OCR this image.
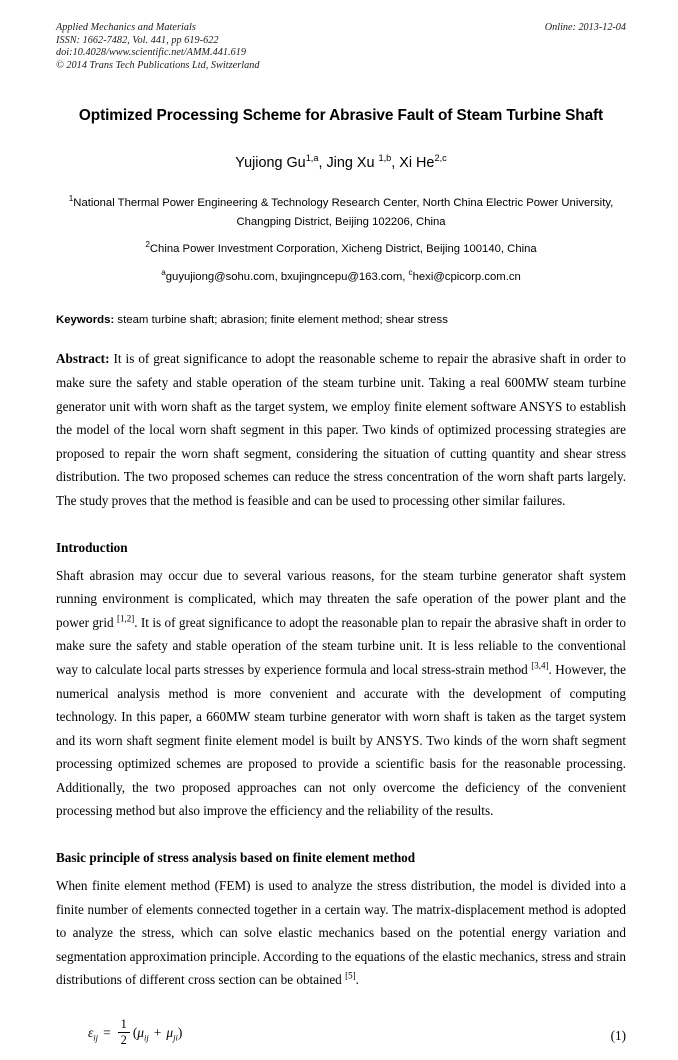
Applied Mechanics and Materials
ISSN: 1662-7482, Vol. 441, pp 619-622
doi:10.4028/www.scientific.net/AMM.441.619
© 2014 Trans Tech Publications Ltd, Switzerland
Online: 2013-12-04
Optimized Processing Scheme for Abrasive Fault of Steam Turbine Shaft
Yujiong Gu$^{1,a}$, Jing Xu $^{1,b}$, Xi He$^{2,c}$
$^1$National Thermal Power Engineering & Technology Research Center, North China Electric Power University, Changping District, Beijing 102206, China
$^2$China Power Investment Corporation, Xicheng District, Beijing 100140, China
$^a$guyujiong@sohu.com, bxujingncepu@163.com, $^c$hexi@cpicorp.com.cn
Keywords: steam turbine shaft; abrasion; finite element method; shear stress
Abstract: It is of great significance to adopt the reasonable scheme to repair the abrasive shaft in order to make sure the safety and stable operation of the steam turbine unit. Taking a real 600MW steam turbine generator unit with worn shaft as the target system, we employ finite element software ANSYS to establish the model of the local worn shaft segment in this paper. Two kinds of optimized processing strategies are proposed to repair the worn shaft segment, considering the situation of cutting quantity and shear stress distribution. The two proposed schemes can reduce the stress concentration of the worn shaft parts largely. The study proves that the method is feasible and can be used to processing other similar failures.
Introduction

Shaft abrasion may occur due to several various reasons, for the steam turbine generator shaft system running environment is complicated, which may threaten the safe operation of the power plant and the power grid [1,2]. It is of great significance to adopt the reasonable plan to repair the abrasive shaft in order to make sure the safety and stable operation of the steam turbine unit. It is less reliable to the conventional way to calculate local parts stresses by experience formula and local stress-strain method [3,4]. However, the numerical analysis method is more convenient and accurate with the development of computing technology. In this paper, a 660MW steam turbine generator with worn shaft is taken as the target system and its worn shaft segment finite element model is built by ANSYS. Two kinds of the worn shaft segment processing optimized schemes are proposed to provide a scientific basis for the reasonable processing. Additionally, the two proposed approaches can not only overcome the deficiency of the convenient processing method but also improve the efficiency and the reliability of the results.

Basic principle of stress analysis based on finite element method

When finite element method (FEM) is used to analyze the stress distribution, the model is divided into a finite number of elements connected together in a certain way. The matrix-displacement method is adopted to analyze the stress, which can solve elastic mechanics based on the potential energy variation and segmentation approximation principle. According to the equations of the elastic mechanics, stress and strain distributions of different cross section can be obtained [5].

$\varepsilon_{ij} = \frac{1}{2}$ ( $\mu_{ij} + \mu_{ji}$ )	(1)
